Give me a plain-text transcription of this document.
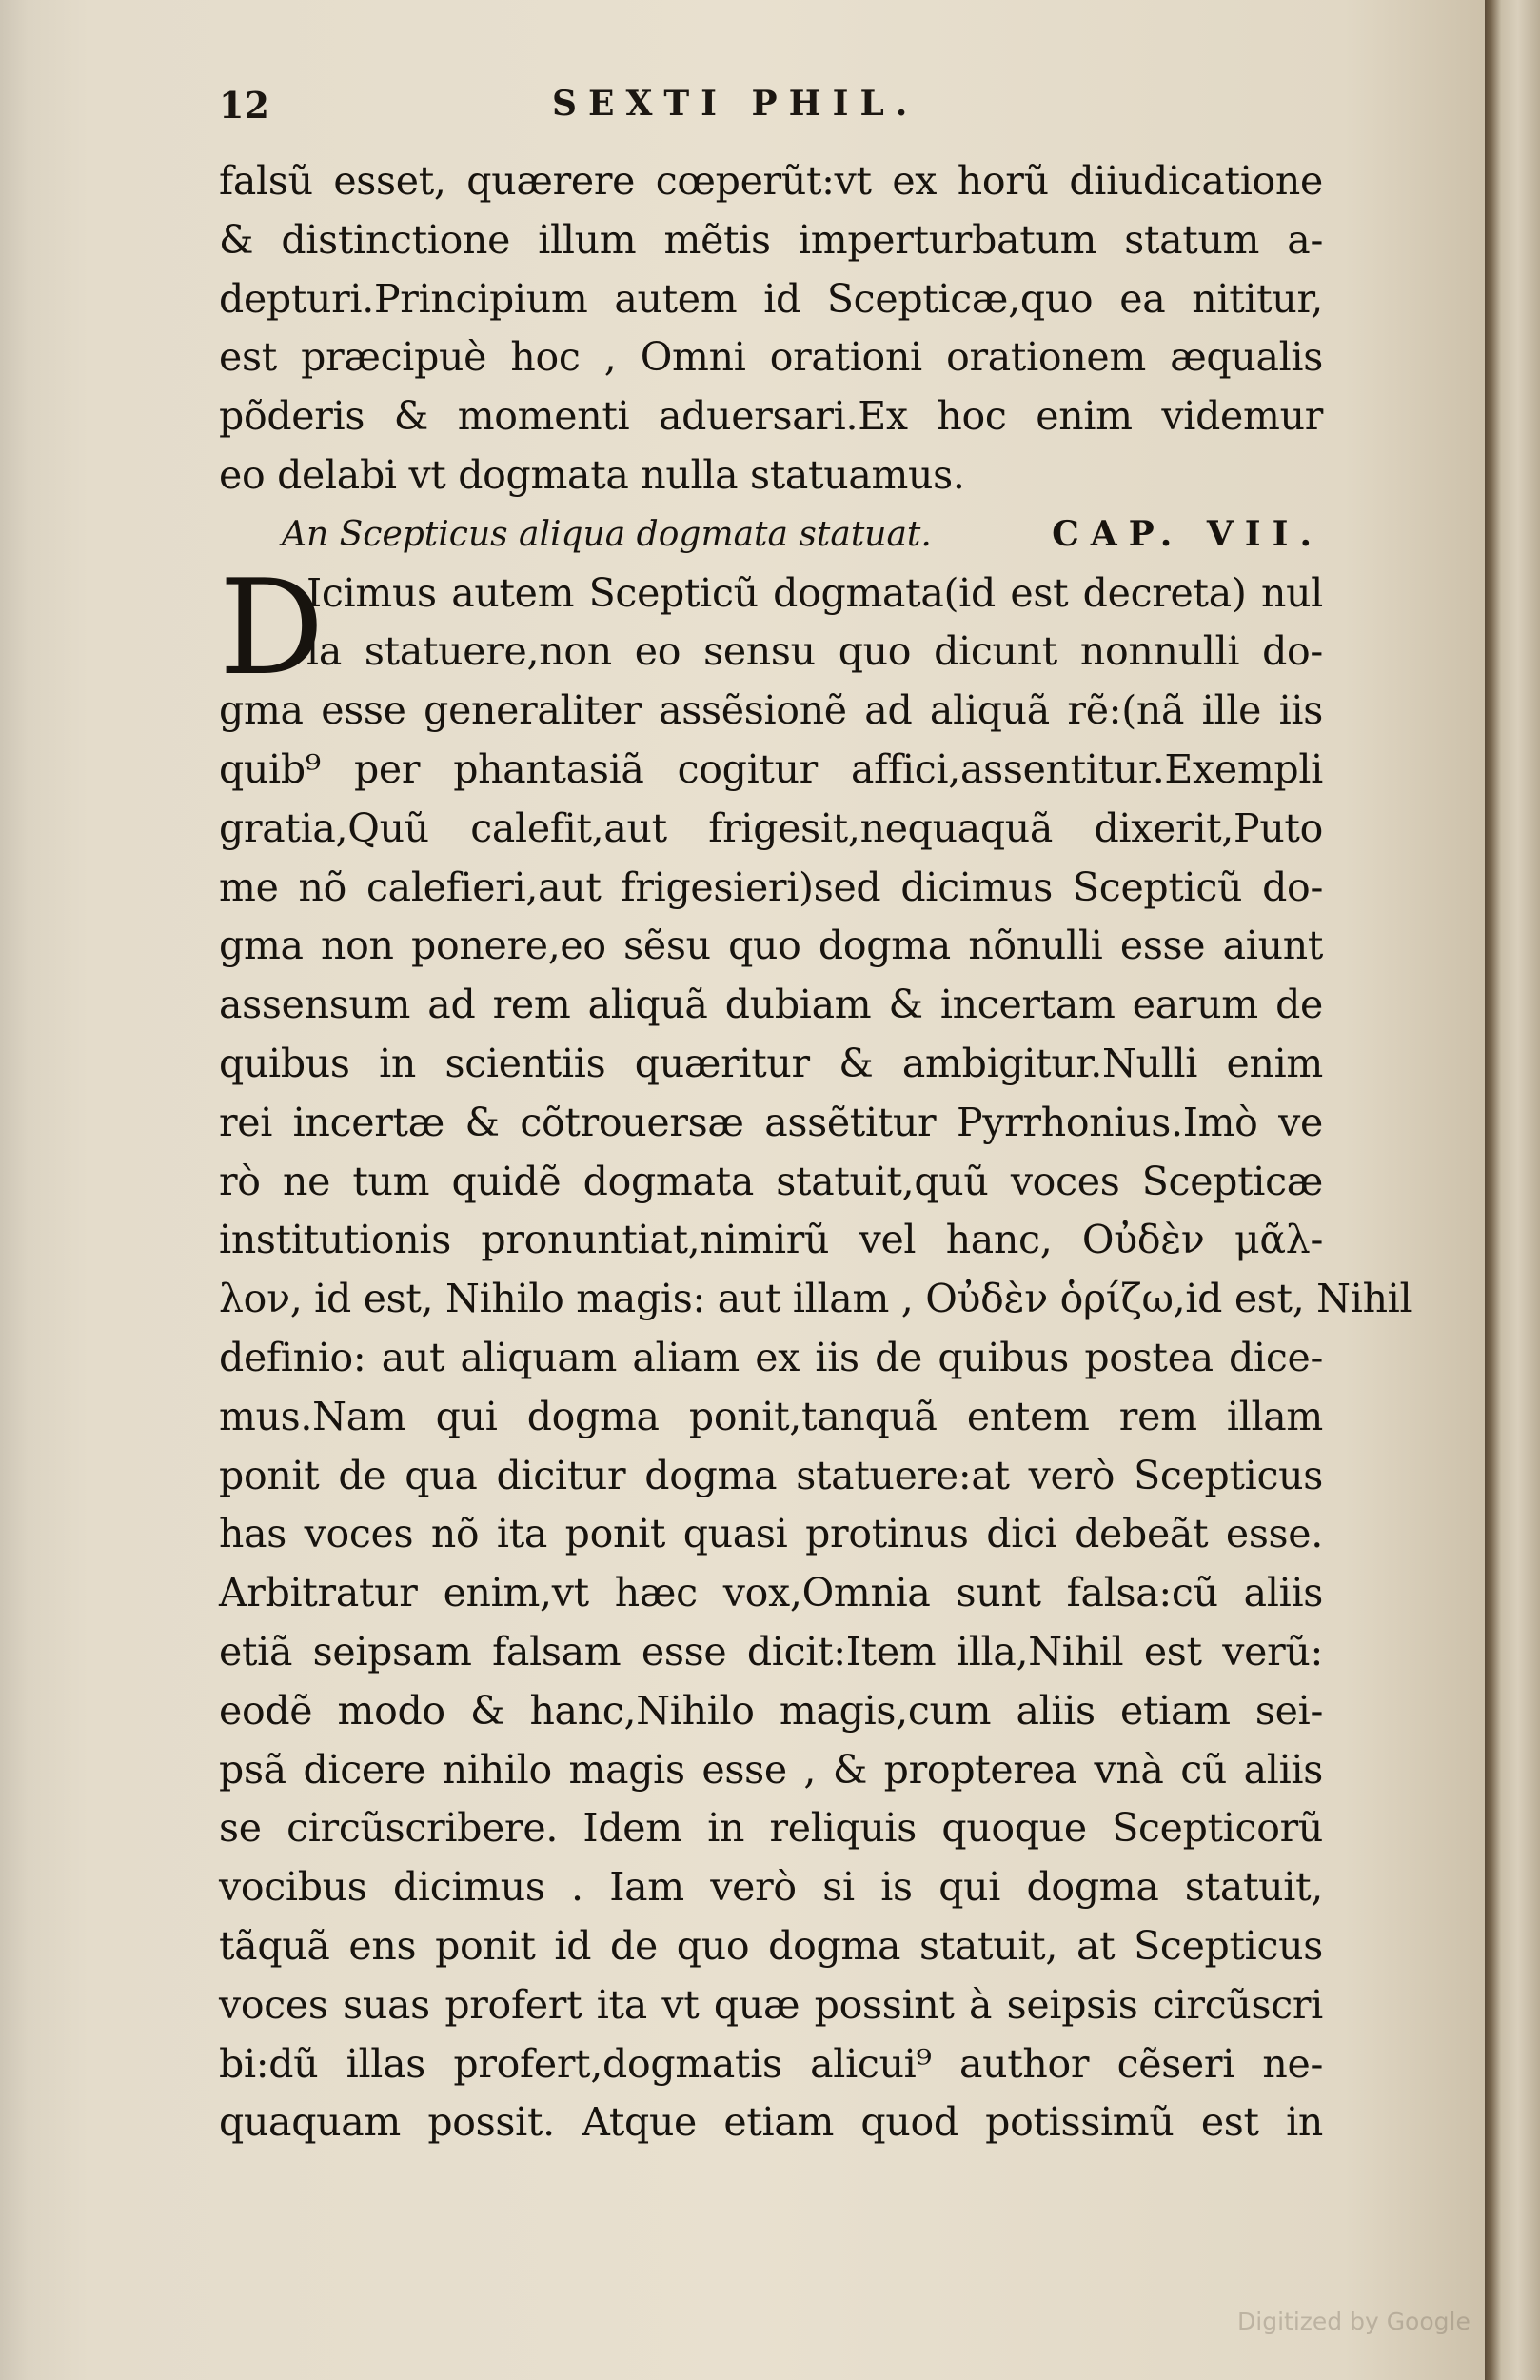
12	SEXTI PHIL.
falsũ esset, quærere cœperũt:vt ex horũ diiudicatione
& distinctione illum mẽtis imperturbatum statum a-
depturi.Principium autem id Scepticæ,quo ea nititur,
est præcipuè hoc , Omni orationi orationem æqualis
põderis & momenti aduersari.Ex hoc enim videmur
eo delabi vt dogmata nulla statuamus.
An Scepticus aliqua dogmata statuat.	CAP. VII.
Icimus autem Scepticũ dogmata(id est decreta) nul
la statuere,non eo sensu quo dicunt nonnulli do-
gma esse generaliter assẽsionẽ ad aliquã rẽ:(nã ille iis
quib⁹ per phantasiã cogitur affici,assentitur.Exempli
gratia,Quũ calefit,aut frigesit,nequaquã dixerit,Puto
me nõ calefieri,aut frigesieri)sed dicimus Scepticũ do-
gma non ponere,eo sẽsu quo dogma nõnulli esse aiunt
assensum ad rem aliquã dubiam & incertam earum de
quibus in scientiis quæritur & ambigitur.Nulli enim
rei incertæ & cõtrouersæ assẽtitur Pyrrhonius.Imò ve
rò ne tum quidẽ dogmata statuit,quũ voces Scepticæ
institutionis pronuntiat,nimirũ vel hanc, Οὐδὲν μᾶλ-
λον, id est, Nihilo magis: aut illam , Οὐδὲν ὁρίζω,id est, Nihil
definio: aut aliquam aliam ex iis de quibus postea dice-
mus.Nam qui dogma ponit,tanquã entem rem illam
ponit de qua dicitur dogma statuere:at verò Scepticus
has voces nõ ita ponit quasi protinus dici debeãt esse.
Arbitratur enim,vt hæc vox,Omnia sunt falsa:cũ aliis
etiã seipsam falsam esse dicit:Item illa,Nihil est verũ:
eodẽ modo & hanc,Nihilo magis,cum aliis etiam sei-
psã dicere nihilo magis esse , & propterea vnà cũ aliis
se circũscribere. Idem in reliquis quoque Scepticorũ
vocibus dicimus . Iam verò si is qui dogma statuit,
tãquã ens ponit id de quo dogma statuit, at Scepticus
voces suas profert ita vt quæ possint à seipsis circũscri
bi:dũ illas profert,dogmatis alicui⁹ author cẽseri ne-
quaquam possit. Atque etiam quod potissimũ est in
D
Digitized by Google
